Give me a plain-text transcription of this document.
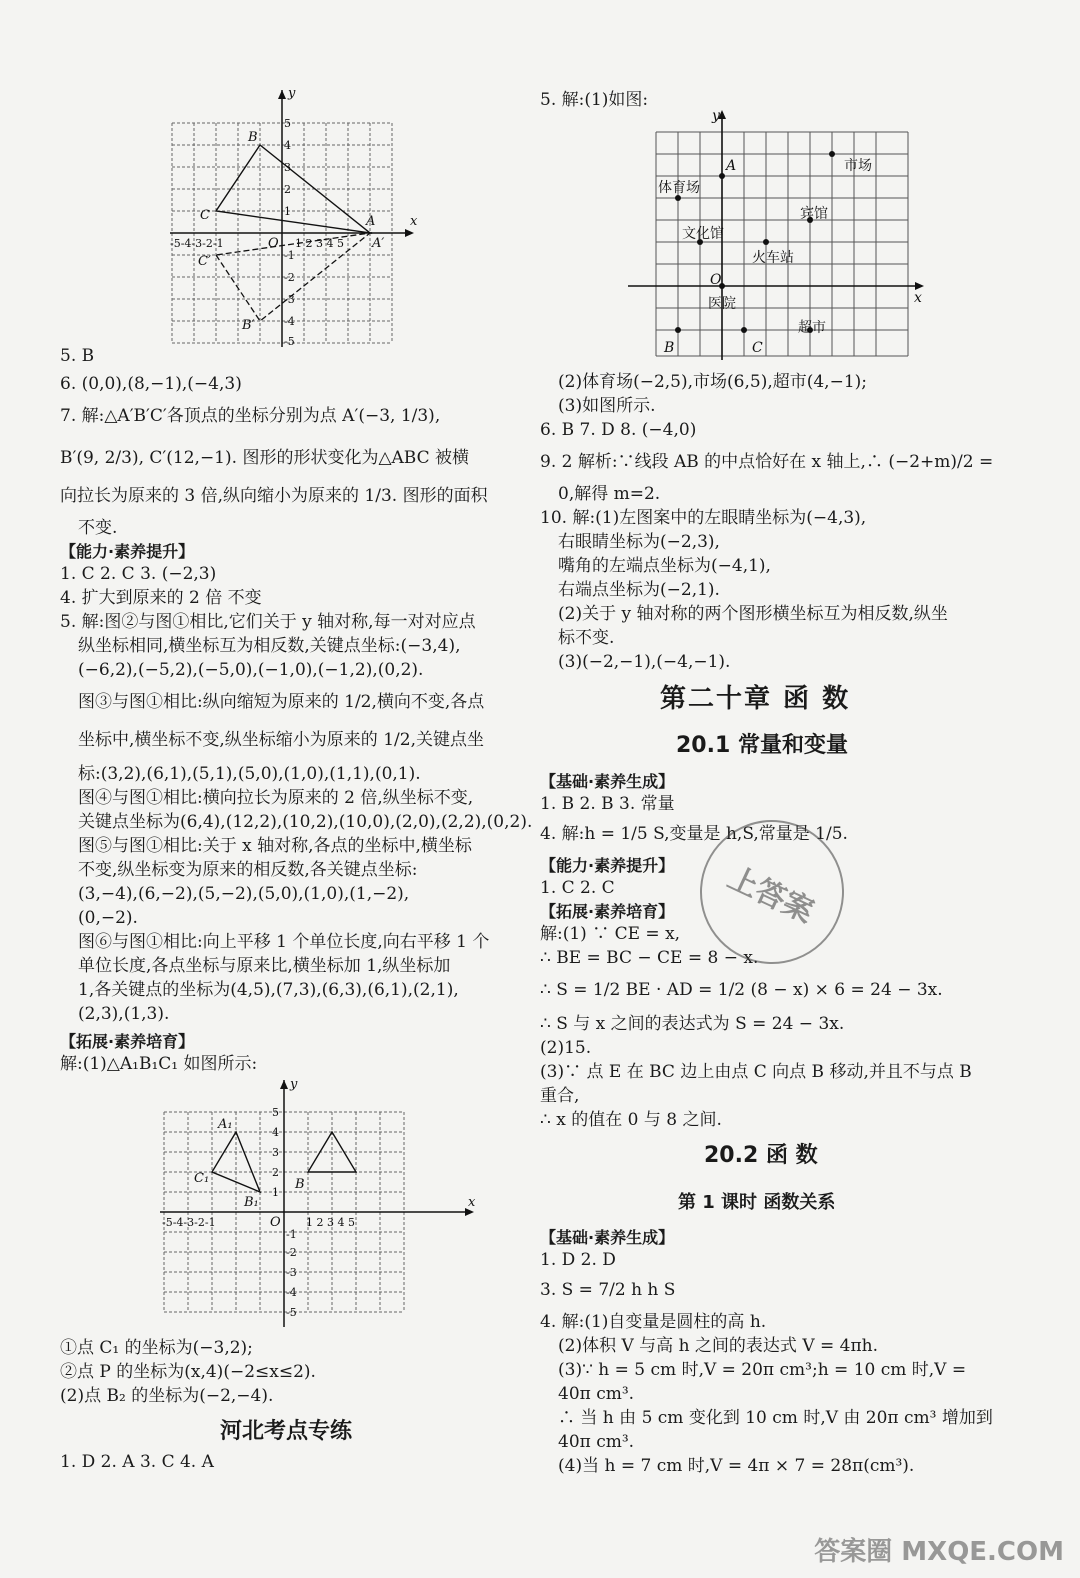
y
x
B
C	A
C′
B′
A′
O
-5-4-3-2-1	1 2 3 4 5
5
4
3
2
1
-1
-2
-3
-4
-5
5. B
6. (0,0),(8,−1),(−4,3)
7. 解:△A′B′C′各顶点的坐标分别为点 A′(−3, 1/3),
B′(9, 2/3), C′(12,−1). 图形的形状变化为△ABC 被横
向拉长为原来的 3 倍,纵向缩小为原来的 1/3. 图形的面积
不变.
【能力·素养提升】
1. C 2. C 3. (−2,3)
4. 扩大到原来的 2 倍 不变
5. 解:图②与图①相比,它们关于 y 轴对称,每一对对应点
纵坐标相同,横坐标互为相反数,关键点坐标:(−3,4),
(−6,2),(−5,2),(−5,0),(−1,0),(−1,2),(0,2).
图③与图①相比:纵向缩短为原来的 1/2,横向不变,各点
坐标中,横坐标不变,纵坐标缩小为原来的 1/2,关键点坐
标:(3,2),(6,1),(5,1),(5,0),(1,0),(1,1),(0,1).
图④与图①相比:横向拉长为原来的 2 倍,纵坐标不变,
关键点坐标为(6,4),(12,2),(10,2),(10,0),(2,0),(2,2),(0,2).
图⑤与图①相比:关于 x 轴对称,各点的坐标中,横坐标
不变,纵坐标变为原来的相反数,各关键点坐标:
(3,−4),(6,−2),(5,−2),(5,0),(1,0),(1,−2),
(0,−2).
图⑥与图①相比:向上平移 1 个单位长度,向右平移 1 个
单位长度,各点坐标与原来比,横坐标加 1,纵坐标加
1,各关键点的坐标为(4,5),(7,3),(6,3),(6,1),(2,1),
(2,3),(1,3).
【拓展·素养培育】
解:(1)△A₁B₁C₁ 如图所示:
y
x
A₁
B₁
C₁	B
O
-5-4-3-2-1	1 2 3 4 5
5
4
3
2
1
-1
-2
-3
-4
-5
①点 C₁ 的坐标为(−3,2);
②点 P 的坐标为(x,4)(−2≤x≤2).
(2)点 B₂ 的坐标为(−2,−4).
河北考点专练
1. D 2. A 3. C 4. A
5. 解:(1)如图:
A	市场
体育场
宾馆
文化馆
火车站
医院
超市
B	C
O
x
y
(2)体育场(−2,5),市场(6,5),超市(4,−1);
(3)如图所示.
6. B 7. D 8. (−4,0)
9. 2 解析:∵线段 AB 的中点恰好在 x 轴上,∴ (−2+m)/2 =
0,解得 m=2.
10. 解:(1)左图案中的左眼睛坐标为(−4,3),
右眼睛坐标为(−2,3),
嘴角的左端点坐标为(−4,1),
右端点坐标为(−2,1).
(2)关于 y 轴对称的两个图形横坐标互为相反数,纵坐
标不变.
(3)(−2,−1),(−4,−1).
第二十章 函 数
20.1 常量和变量
【基础·素养生成】
1. B 2. B 3. 常量
4. 解:h = 1/5 S,变量是 h,S,常量是 1/5.
【能力·素养提升】
1. C 2. C
【拓展·素养培育】
解:(1) ∵ CE = x,
∴ BE = BC − CE = 8 − x.
∴ S = 1/2 BE · AD = 1/2 (8 − x) × 6 = 24 − 3x.
∴ S 与 x 之间的表达式为 S = 24 − 3x.
(2)15.
(3)∵ 点 E 在 BC 边上由点 C 向点 B 移动,并且不与点 B
重合,
∴ x 的值在 0 与 8 之间.
20.2 函 数
第 1 课时 函数关系
【基础·素养生成】
1. D 2. D
3. S = 7/2 h h S
4. 解:(1)自变量是圆柱的高 h.
(2)体积 V 与高 h 之间的表达式 V = 4πh.
(3)∵ h = 5 cm 时,V = 20π cm³;h = 10 cm 时,V =
40π cm³.
∴ 当 h 由 5 cm 变化到 10 cm 时,V 由 20π cm³ 增加到
40π cm³.
(4)当 h = 7 cm 时,V = 4π × 7 = 28π(cm³).
上答案
答案圈 MXQE.COM
